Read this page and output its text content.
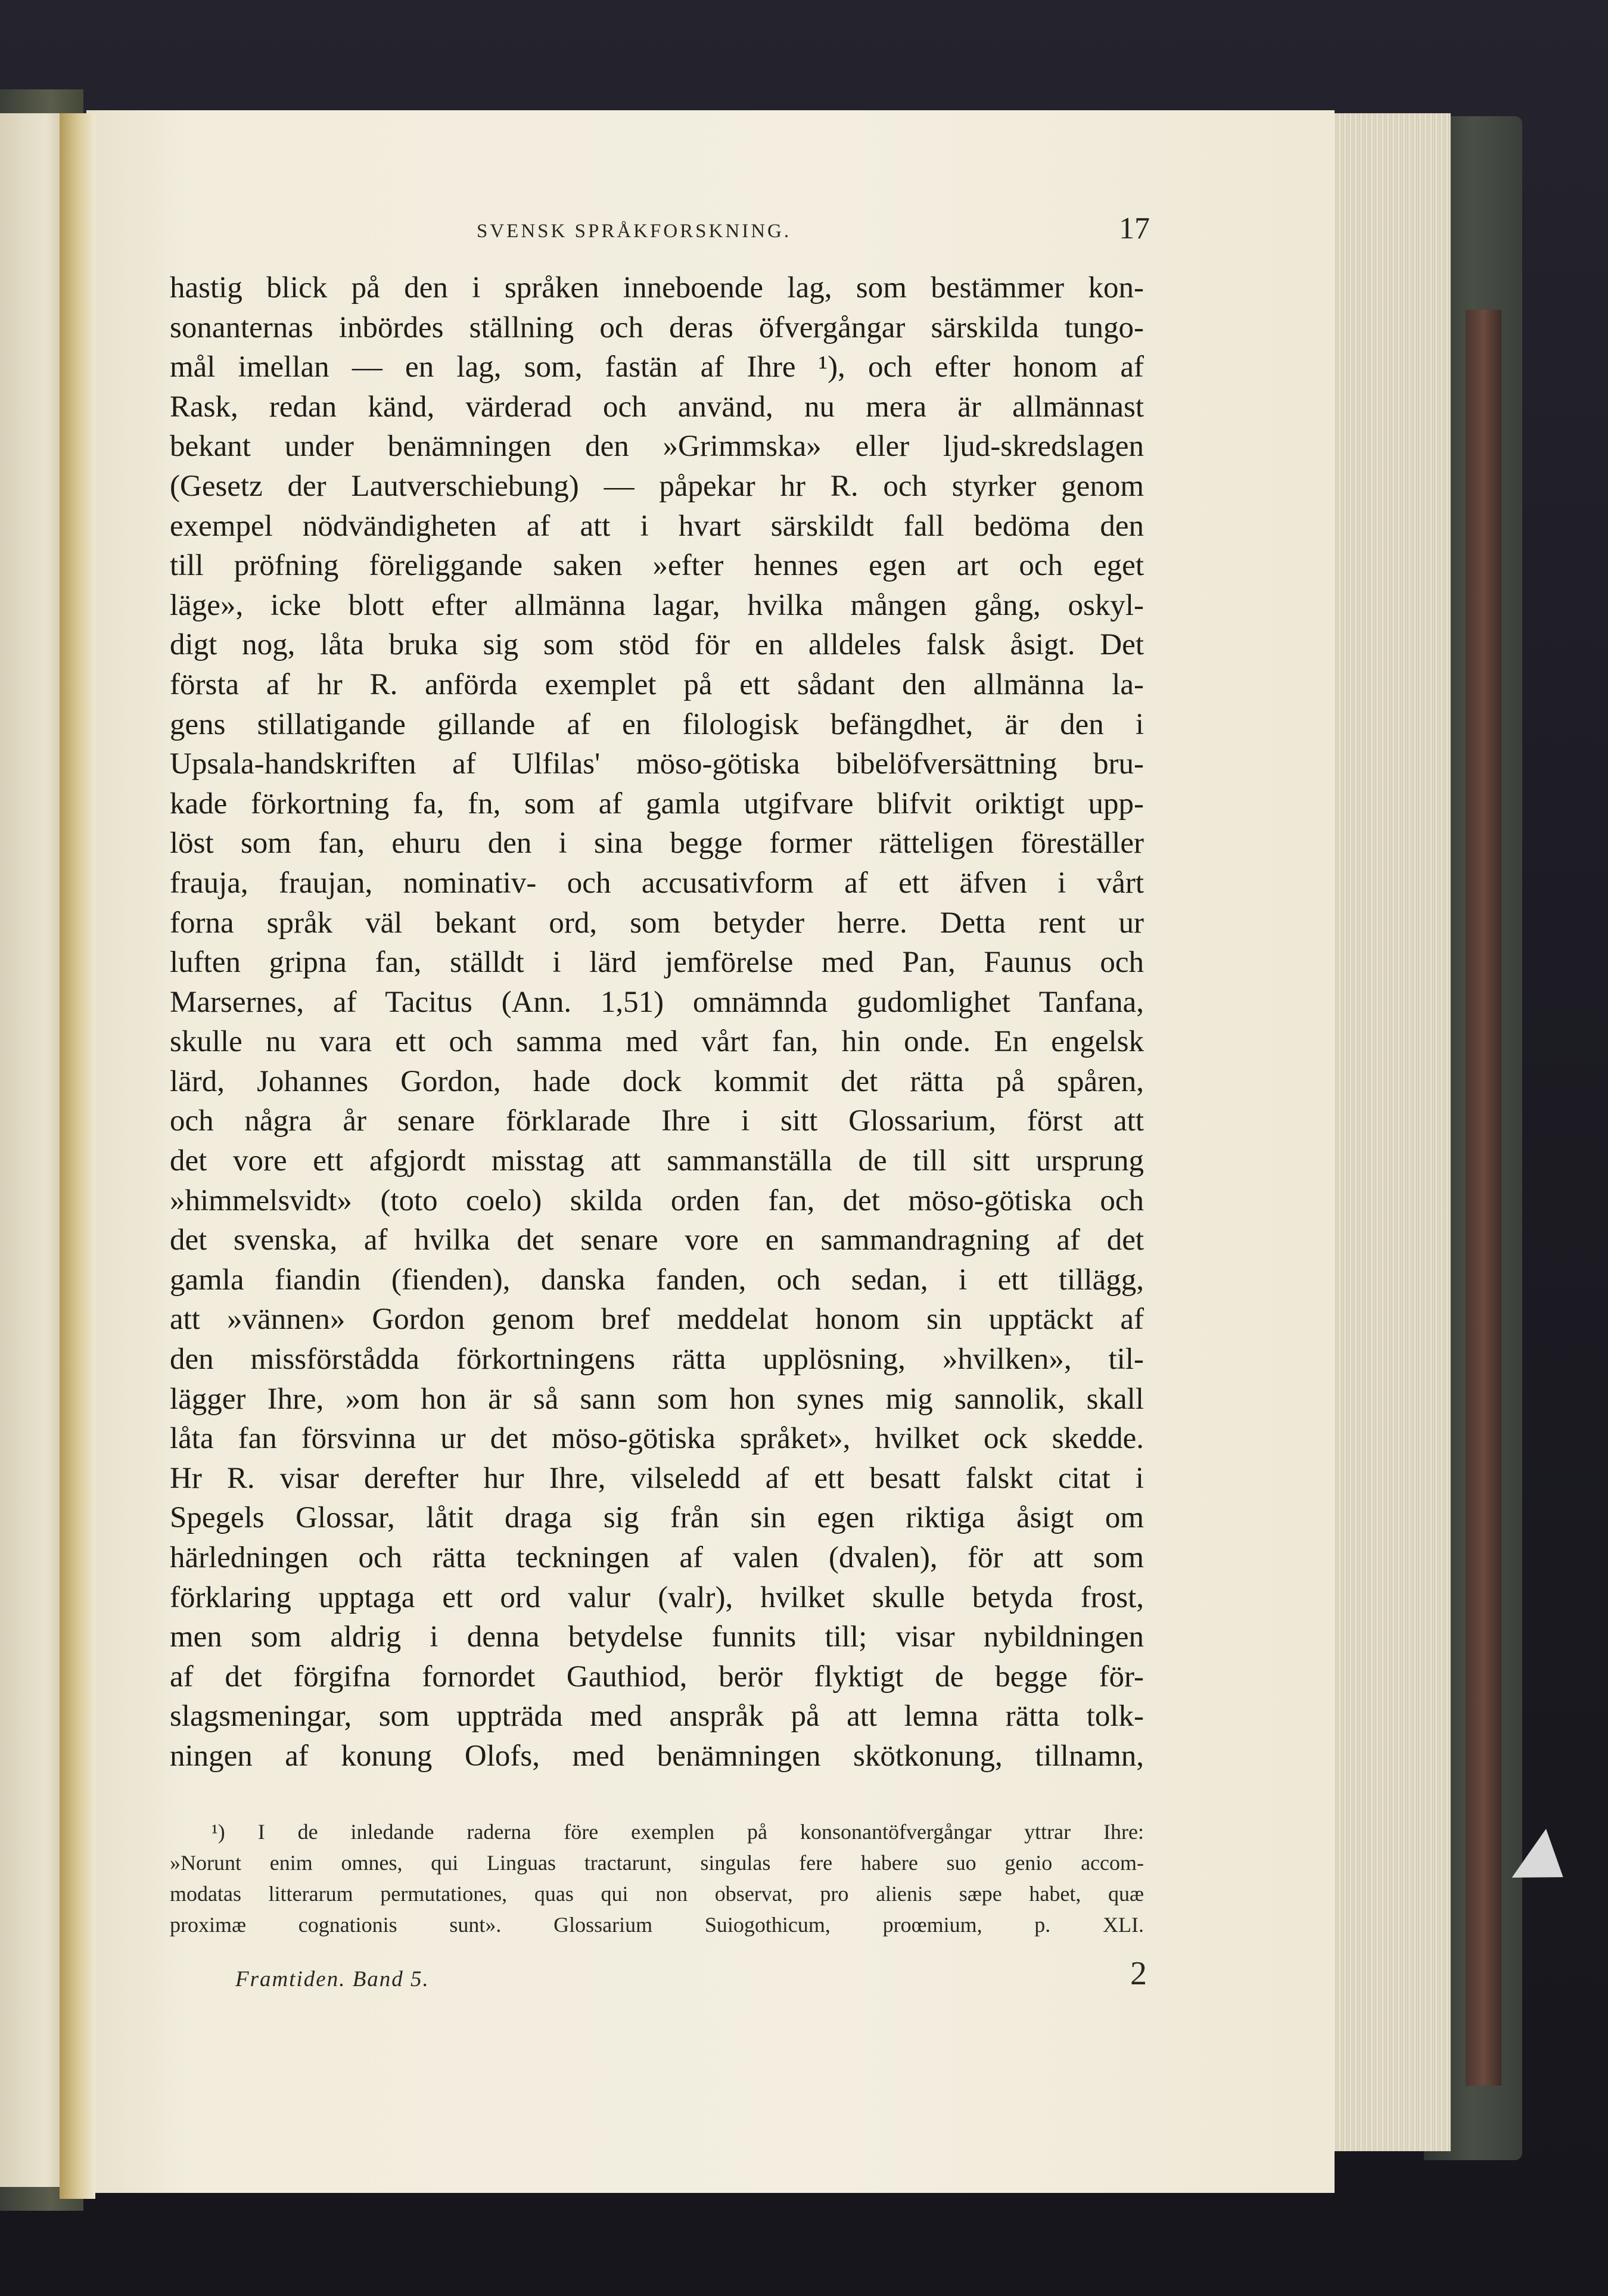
SVENSK SPRÅKFORSKNING.	17
hastig blick på den i språken inneboende lag, som bestämmer kon-
sonanternas inbördes ställning och deras öfvergångar särskilda tungo-
mål imellan — en lag, som, fastän af Ihre ¹), och efter honom af
Rask, redan känd, värderad och använd, nu mera är allmännast
bekant under benämningen den »Grimmska» eller ljud-skredslagen
(Gesetz der Lautverschiebung) — påpekar hr R. och styrker genom
exempel nödvändigheten af att i hvart särskildt fall bedöma den
till pröfning föreliggande saken »efter hennes egen art och eget
läge», icke blott efter allmänna lagar, hvilka mången gång, oskyl-
digt nog, låta bruka sig som stöd för en alldeles falsk åsigt. Det
första af hr R. anförda exemplet på ett sådant den allmänna la-
gens stillatigande gillande af en filologisk befängdhet, är den i
Upsala-handskriften af Ulfilas' möso-götiska bibelöfversättning bru-
kade förkortning fa, fn, som af gamla utgifvare blifvit oriktigt upp-
löst som fan, ehuru den i sina begge former rätteligen föreställer
frauja, fraujan, nominativ- och accusativform af ett äfven i vårt
forna språk väl bekant ord, som betyder herre. Detta rent ur
luften gripna fan, ställdt i lärd jemförelse med Pan, Faunus och
Marsernes, af Tacitus (Ann. 1,51) omnämnda gudomlighet Tanfana,
skulle nu vara ett och samma med vårt fan, hin onde. En engelsk
lärd, Johannes Gordon, hade dock kommit det rätta på spåren,
och några år senare förklarade Ihre i sitt Glossarium, först att
det vore ett afgjordt misstag att sammanställa de till sitt ursprung
»himmelsvidt» (toto coelo) skilda orden fan, det möso-götiska och
det svenska, af hvilka det senare vore en sammandragning af det
gamla fiandin (fienden), danska fanden, och sedan, i ett tillägg,
att »vännen» Gordon genom bref meddelat honom sin upptäckt af
den missförstådda förkortningens rätta upplösning, »hvilken», til-
lägger Ihre, »om hon är så sann som hon synes mig sannolik, skall
låta fan försvinna ur det möso-götiska språket», hvilket ock skedde.
Hr R. visar derefter hur Ihre, vilseledd af ett besatt falskt citat i
Spegels Glossar, låtit draga sig från sin egen riktiga åsigt om
härledningen och rätta teckningen af valen (dvalen), för att som
förklaring upptaga ett ord valur (valr), hvilket skulle betyda frost,
men som aldrig i denna betydelse funnits till; visar nybildningen
af det förgifna fornordet Gauthiod, berör flyktigt de begge för-
slagsmeningar, som uppträda med anspråk på att lemna rätta tolk-
ningen af konung Olofs, med benämningen skötkonung, tillnamn,
¹) I de inledande raderna före exemplen på konsonantöfvergångar yttrar Ihre:
»Norunt enim omnes, qui Linguas tractarunt, singulas fere habere suo genio accom-
modatas litterarum permutationes, quas qui non observat, pro alienis sæpe habet, quæ
proximæ cognationis sunt». Glossarium Suiogothicum, proœmium, p. XLI.
Framtiden. Band 5.	2
